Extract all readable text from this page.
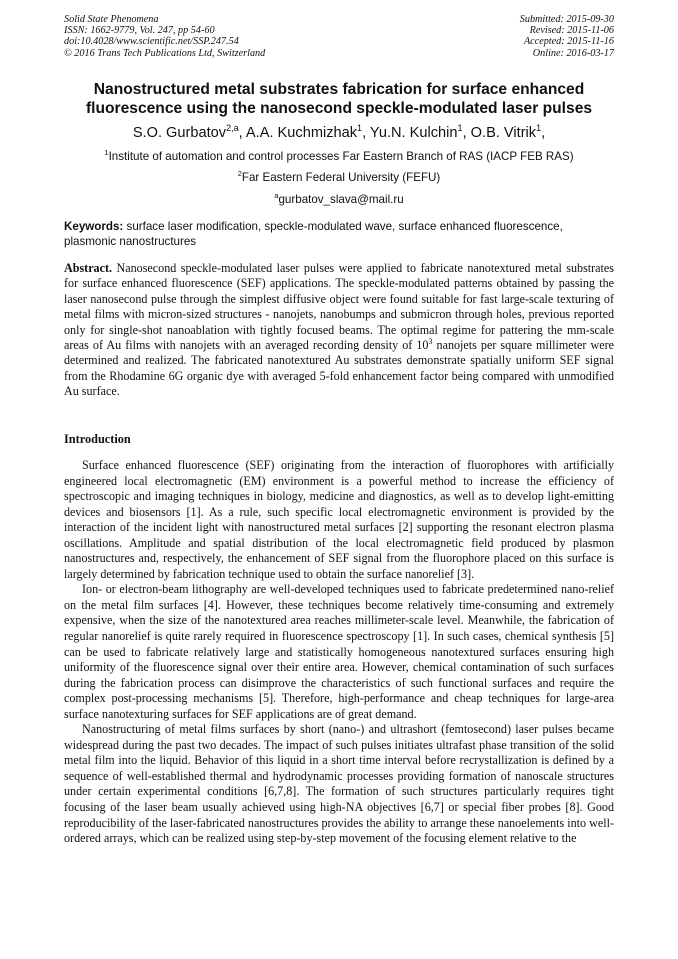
Solid State Phenomena
ISSN: 1662-9779, Vol. 247, pp 54-60
doi:10.4028/www.scientific.net/SSP.247.54
© 2016 Trans Tech Publications Ltd, Switzerland
Submitted: 2015-09-30
Revised: 2015-11-06
Accepted: 2015-11-16
Online: 2016-03-17
Nanostructured metal substrates fabrication for surface enhanced
fluorescence using the nanosecond speckle-modulated laser pulses
S.O. Gurbatov$^{2,a}$, A.A. Kuchmizhak$^1$, Yu.N. Kulchin$^1$, O.B. Vitrik$^1$,
$^1$Institute of automation and control processes Far Eastern Branch of RAS (IACP FEB RAS)
$^2$Far Eastern Federal University (FEFU)
$^a$gurbatov_slava@mail.ru
Keywords: surface laser modification, speckle-modulated wave, surface enhanced fluorescence, plasmonic nanostructures
Abstract. Nanosecond speckle-modulated laser pulses were applied to fabricate nanotextured metal substrates for surface enhanced fluorescence (SEF) applications. The speckle-modulated patterns obtained by passing the laser nanosecond pulse through the simplest diffusive object were found suitable for fast large-scale texturing of metal films with micron-sized structures - nanojets, nanobumps and submicron through holes, previous reported only for single-shot nanoablation with tightly focused beams. The optimal regime for pattering the mm-scale areas of Au films with nanojets with an averaged recording density of $10^3$ nanojets per square millimeter were determined and realized. The fabricated nanotextured Au substrates demonstrate spatially uniform SEF signal from the Rhodamine 6G organic dye with averaged 5-fold enhancement factor being compared with unmodified Au surface.
Introduction

Surface enhanced fluorescence (SEF) originating from the interaction of fluorophores with artificially engineered local electromagnetic (EM) environment is a powerful method to increase the efficiency of spectroscopic and imaging techniques in biology, medicine and diagnostics, as well as to develop light-emitting devices and biosensors [1]. As a rule, such specific local electromagnetic environment is provided by the interaction of the incident light with nanostructured metal surfaces [2] supporting the resonant electron plasma oscillations. Amplitude and spatial distribution of the local electromagnetic field produced by plasmon nanostructures and, respectively, the enhancement of SEF signal from the fluorophore placed on this surface is largely determined by fabrication technique used to obtain the surface nanorelief [3].

Ion- or electron-beam lithography are well-developed techniques used to fabricate predetermined nano-relief on the metal film surfaces [4]. However, these techniques become relatively time-consuming and extremely expensive, when the size of the nanotextured area reaches millimeter-scale level. Meanwhile, the fabrication of regular nanorelief is quite rarely required in fluorescence spectroscopy [1]. In such cases, chemical synthesis [5] can be used to fabricate relatively large and statistically homogeneous nanotextured surfaces ensuring high uniformity of the fluorescence signal over their entire area. However, chemical contamination of such surfaces during the fabrication process can disimprove the characteristics of such functional surfaces and require the complex post-processing mechanisms [5]. Therefore, high-performance and cheap techniques for large-area surface nanotexturing surfaces for SEF applications are of great demand.

Nanostructuring of metal films surfaces by short (nano-) and ultrashort (femtosecond) laser pulses became widespread during the past two decades. The impact of such pulses initiates ultrafast phase transition of the solid metal film into the liquid. Behavior of this liquid in a short time interval before recrystallization is defined by a sequence of well-established thermal and hydrodynamic processes providing formation of nanoscale structures under certain experimental conditions [6,7,8]. The formation of such structures particularly requires tight focusing of the laser beam usually achieved using high-NA objectives [6,7] or special fiber probes [8]. Good reproducibility of the laser-fabricated nanostructures provides the ability to arrange these nanoelements into well-ordered arrays, which can be realized using step-by-step movement of the focusing element relative to the
